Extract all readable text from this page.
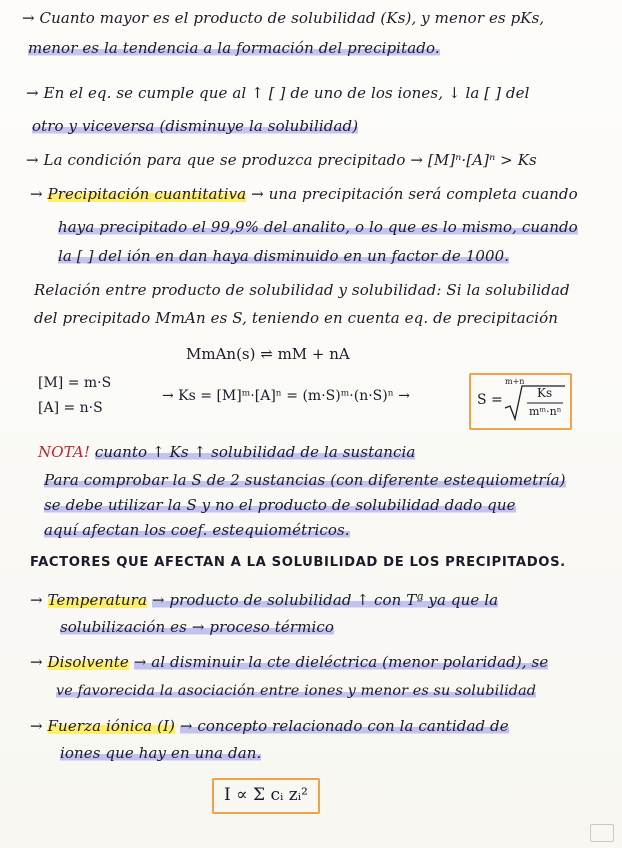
→ Cuanto mayor es el producto de solubilidad (Ks), y menor es pKs,
menor es la tendencia a la formación del precipitado.
→ En el eq. se cumple que al ↑ [ ] de uno de los iones, ↓ la [ ] del
otro y viceversa (disminuye la solubilidad)
→ La condición para que se produzca precipitado → [M]ⁿ·[A]ⁿ > Ks
→ Precipitación cuantitativa → una precipitación será completa cuando
haya precipitado el 99,9% del analito, o lo que es lo mismo, cuando
la [ ] del ión en dan haya disminuido en un factor de 1000.
Relación entre producto de solubilidad y solubilidad: Si la solubilidad
del precipitado MmAn es S, teniendo en cuenta eq. de precipitación
MmAn(s) ⇌ mM + nA
[M] = m·S
[A] = n·S
→ Ks = [M]ᵐ·[A]ⁿ = (m·S)ᵐ·(n·S)ⁿ →	S =
m+n
Ks
mᵐ·nⁿ
NOTA! cuanto ↑ Ks ↑ solubilidad de la sustancia
Para comprobar la S de 2 sustancias (con diferente estequiometría)
se debe utilizar la S y no el producto de solubilidad dado que
aquí afectan los coef. estequiométricos.
FACTORES QUE AFECTAN A LA SOLUBILIDAD DE LOS PRECIPITADOS.
→ Temperatura → producto de solubilidad ↑ con Tª ya que la
solubilización es → proceso térmico
→ Disolvente → al disminuir la cte dieléctrica (menor polaridad), se
ve favorecida la asociación entre iones y menor es su solubilidad
→ Fuerza iónica (I) → concepto relacionado con la cantidad de
iones que hay en una dan.
I ∝ Σ cᵢ zᵢ²
